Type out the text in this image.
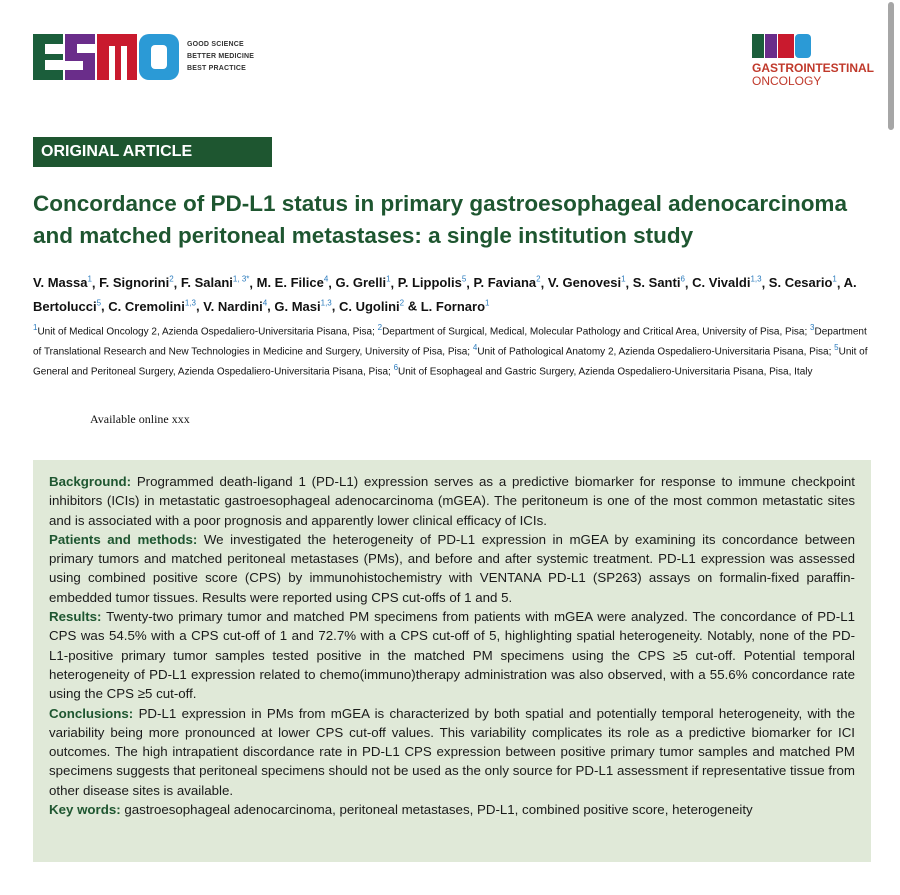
GOOD SCIENCE
BETTER MEDICINE
BEST PRACTICE	GASTROINTESTINAL
ONCOLOGY
ORIGINAL ARTICLE
Concordance of PD-L1 status in primary gastroesophageal adenocarcinoma and matched peritoneal metastases: a single institution study

V. Massa$^1$, F. Signorini$^2$, F. Salani$^{1, 3*}$, M. E. Filice$^4$, G. Grelli$^1$, P. Lippolis$^5$, P. Faviana$^2$, V. Genovesi$^1$, S. Santi$^6$, C. Vivaldi$^{1,3}$, S. Cesario$^1$, A. Bertolucci$^5$, C. Cremolini$^{1,3}$, V. Nardini$^4$, G. Masi$^{1,3}$, C. Ugolini$^2$ & L. Fornaro$^1$

$^1$Unit of Medical Oncology 2, Azienda Ospedaliero-Universitaria Pisana, Pisa; $^2$Department of Surgical, Medical, Molecular Pathology and Critical Area, University of Pisa, Pisa; $^3$Department of Translational Research and New Technologies in Medicine and Surgery, University of Pisa, Pisa; $^4$Unit of Pathological Anatomy 2, Azienda Ospedaliero-Universitaria Pisana, Pisa; $^5$Unit of General and Peritoneal Surgery, Azienda Ospedaliero-Universitaria Pisana, Pisa; $^6$Unit of Esophageal and Gastric Surgery, Azienda Ospedaliero-Universitaria Pisana, Pisa, Italy

Available online xxx

Background: Programmed death-ligand 1 (PD-L1) expression serves as a predictive biomarker for response to immune checkpoint inhibitors (ICIs) in metastatic gastroesophageal adenocarcinoma (mGEA). The peritoneum is one of the most common metastatic sites and is associated with a poor prognosis and apparently lower clinical efficacy of ICIs.

Patients and methods: We investigated the heterogeneity of PD-L1 expression in mGEA by examining its concordance between primary tumors and matched peritoneal metastases (PMs), and before and after systemic treatment. PD-L1 expression was assessed using combined positive score (CPS) by immunohistochemistry with VENTANA PD-L1 (SP263) assays on formalin-fixed paraffin-embedded tumor tissues. Results were reported using CPS cut-offs of 1 and 5.

Results: Twenty-two primary tumor and matched PM specimens from patients with mGEA were analyzed. The concordance of PD-L1 CPS was 54.5% with a CPS cut-off of 1 and 72.7% with a CPS cut-off of 5, highlighting spatial heterogeneity. Notably, none of the PD-L1-positive primary tumor samples tested positive in the matched PM specimens using the CPS ≥5 cut-off. Potential temporal heterogeneity of PD-L1 expression related to chemo(immuno)therapy administration was also observed, with a 55.6% concordance rate using the CPS ≥5 cut-off.

Conclusions: PD-L1 expression in PMs from mGEA is characterized by both spatial and potentially temporal heterogeneity, with the variability being more pronounced at lower CPS cut-off values. This variability complicates its role as a predictive biomarker for ICI outcomes. The high intrapatient discordance rate in PD-L1 CPS expression between positive primary tumor samples and matched PM specimens suggests that peritoneal specimens should not be used as the only source for PD-L1 assessment if representative tissue from other disease sites is available.

Key words: gastroesophageal adenocarcinoma, peritoneal metastases, PD-L1, combined positive score, heterogeneity
